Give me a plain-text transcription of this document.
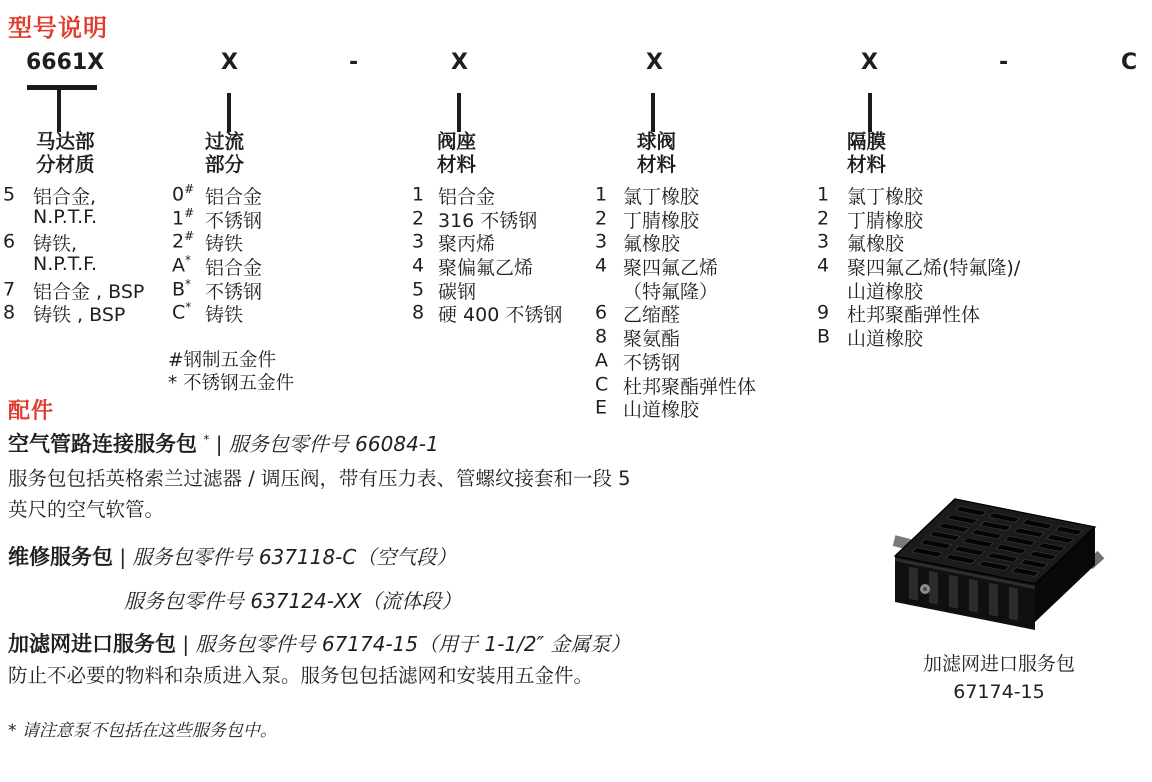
型号说明
6661X	X	-	X	X	X	-	C
马达部
分材质
过流
部分
阀座
材料
球阀
材料
隔膜
材料
5 铝合金,
N.P.T.F.
6 铸铁,
N.P.T.F.
7 铝合金 , BSP
8 铸铁 , BSP
0# 铝合金
1# 不锈钢
2# 铸铁
A* 铝合金
B* 不锈钢
C* 铸铁
#钢制五金件
* 不锈钢五金件
1 铝合金
2 316 不锈钢
3 聚丙烯
4 聚偏氟乙烯
5 碳钢
8 硬 400 不锈钢
1 氯丁橡胶
2 丁腈橡胶
3 氟橡胶
4 聚四氟乙烯
（特氟隆）
6 乙缩醛
8 聚氨酯
A 不锈钢
C 杜邦聚酯弹性体
E 山道橡胶
1 氯丁橡胶
2 丁腈橡胶
3 氟橡胶
4 聚四氟乙烯(特氟隆)/
山道橡胶
9 杜邦聚酯弹性体
B 山道橡胶
配件
空气管路连接服务包 * | 服务包零件号 66084-1
服务包包括英格索兰过滤器 / 调压阀，带有压力表、管螺纹接套和一段 5
英尺的空气软管。
维修服务包 | 服务包零件号 637118-C（空气段）
服务包零件号 637124-XX（流体段）
加滤网进口服务包 | 服务包零件号 67174-15（用于 1-1/2″ 金属泵）
防止不必要的物料和杂质进入泵。服务包包括滤网和安装用五金件。
* 请注意泵不包括在这些服务包中。
加滤网进口服务包
67174-15
